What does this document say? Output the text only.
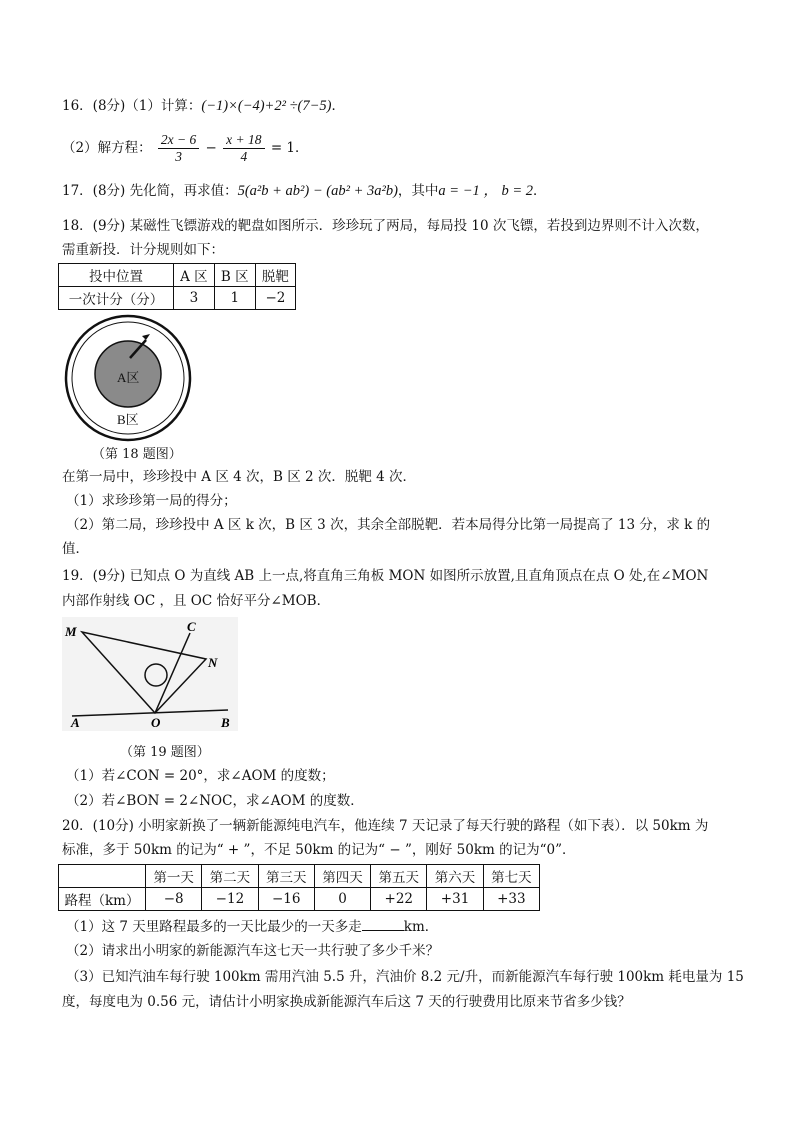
16．(8分)（1）计算：(−1)×(−4)+2² ÷(7−5)．
（2）解方程： $\frac{2x - 6}{3} - \frac{x + 18}{4} = 1$．
17．(8分) 先化简，再求值：5(a²b + ab²) − (ab² + 3a²b)，其中a = −1 ， b = 2．
18．(9分) 某磁性飞镖游戏的靶盘如图所示．珍珍玩了两局，每局投 10 次飞镖，若投到边界则不计入次数，
需重新投．计分规则如下：
投中位置	A 区	B 区	脱靶
一次计分（分）	3	1	−2
A区
B区
（第 18 题图）
在第一局中，珍珍投中 A 区 4 次，B 区 2 次．脱靶 4 次．
（1）求珍珍第一局的得分；
（2）第二局，珍珍投中 A 区 k 次，B 区 3 次，其余全部脱靶．若本局得分比第一局提高了 13 分，求 k 的
值．
19．(9分) 已知点 O 为直线 AB 上一点,将直角三角板 MON 如图所示放置,且直角顶点在点 O 处,在∠MON
内部作射线 OC ，且 OC 恰好平分∠MOB．
M	C
N
A	O	B
（第 19 题图）
（1）若∠CON = 20°，求∠AOM 的度数；
（2）若∠BON = 2∠NOC，求∠AOM 的度数．
20．(10分) 小明家新换了一辆新能源纯电汽车，他连续 7 天记录了每天行驶的路程（如下表）．以 50km 为
标准，多于 50km 的记为“ + ”，不足 50km 的记为“ − ”，刚好 50km 的记为“0”．
	第一天	第二天	第三天	第四天	第五天	第六天	第七天
路程（km）	−8	−12	−16	0	+22	+31	+33
（1）这 7 天里路程最多的一天比最少的一天多走	km．
（2）请求出小明家的新能源汽车这七天一共行驶了多少千米？
（3）已知汽油车每行驶 100km 需用汽油 5.5 升，汽油价 8.2 元/升，而新能源汽车每行驶 100km 耗电量为 15
度，每度电为 0.56 元，请估计小明家换成新能源汽车后这 7 天的行驶费用比原来节省多少钱？
